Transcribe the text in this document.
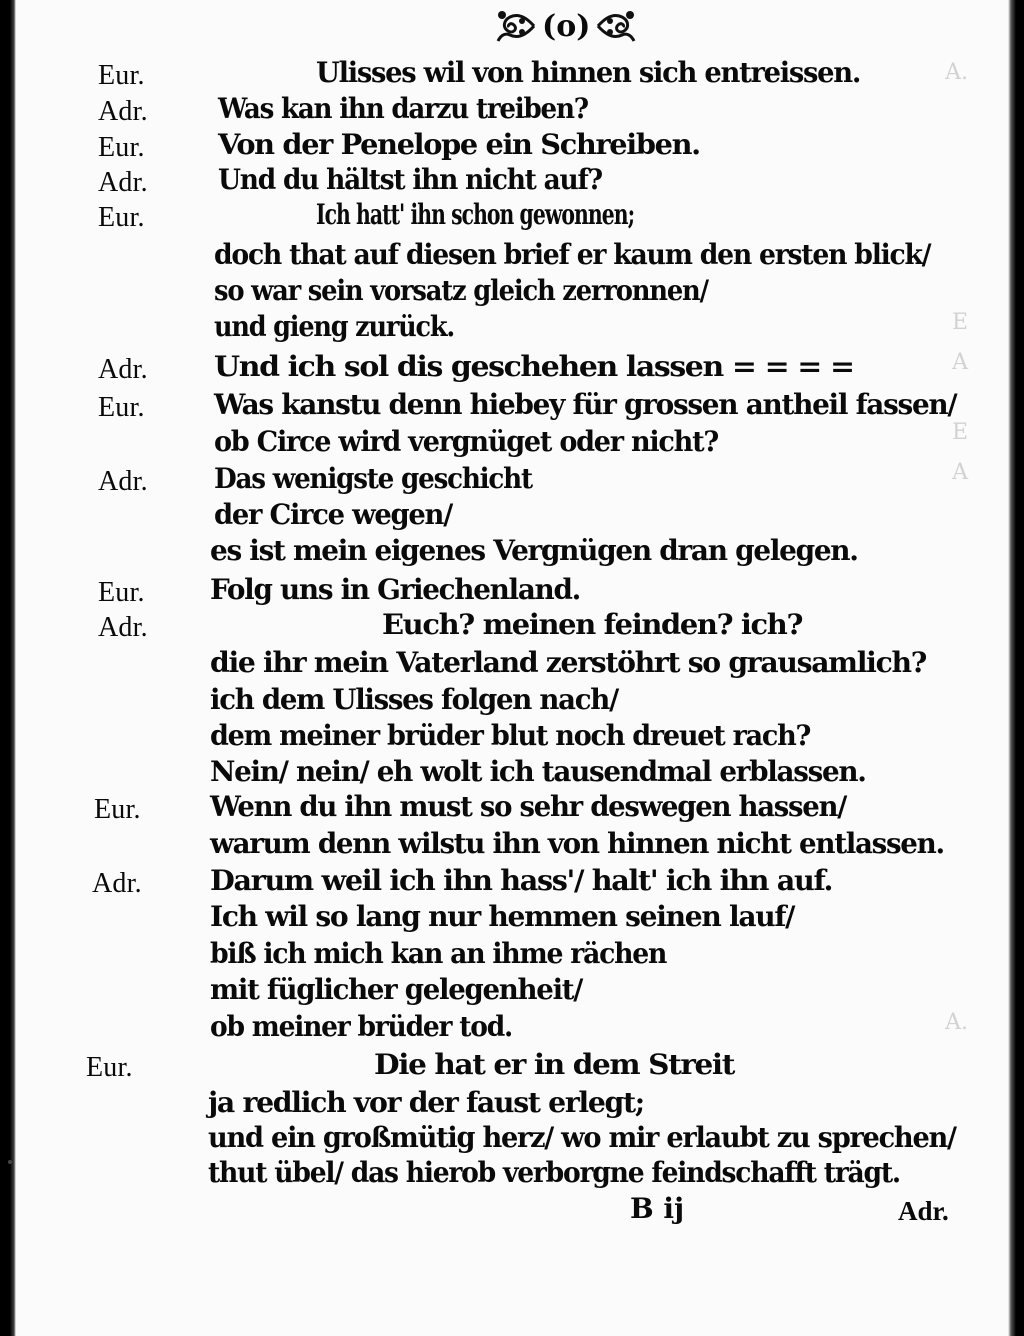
A.
E
A
E
A
A.
(o)
Eur.	Ulisses wil von hinnen sich entreissen.
Adr.	Was kan ihn darzu treiben?
Eur.	Von der Penelope ein Schreiben.
Adr.	Und du hältst ihn nicht auf?
Eur.	Ich hatt' ihn schon gewonnen;
doch that auf diesen brief er kaum den ersten blick/
so war sein vorsatz gleich zerronnen/
und gieng zurück.
Adr. Und ich sol dis geschehen lassen = = = =
Eur. Was kanstu denn hiebey für grossen antheil fassen/
ob Circe wird vergnüget oder nicht?
Adr. Das wenigste geschicht
der Circe wegen/
es ist mein eigenes Vergnügen dran gelegen.
Eur. Folg uns in Griechenland.
Adr.	Euch? meinen feinden? ich?
die ihr mein Vaterland zerstöhrt so grausamlich?
ich dem Ulisses folgen nach/
dem meiner brüder blut noch dreuet rach?
Nein/ nein/ eh wolt ich tausendmal erblassen.
Eur. Wenn du ihn must so sehr deswegen hassen/
warum denn wilstu ihn von hinnen nicht entlassen.
Adr. Darum weil ich ihn hass'/ halt' ich ihn auf.
Ich wil so lang nur hemmen seinen lauf/
biß ich mich kan an ihme rächen
mit füglicher gelegenheit/
ob meiner brüder tod.
Eur.	Die hat er in dem Streit
ja redlich vor der faust erlegt;
und ein großmütig herz/ wo mir erlaubt zu sprechen/
thut übel/ das hierob verborgne feindschafft trägt.
B ij	Adr.
